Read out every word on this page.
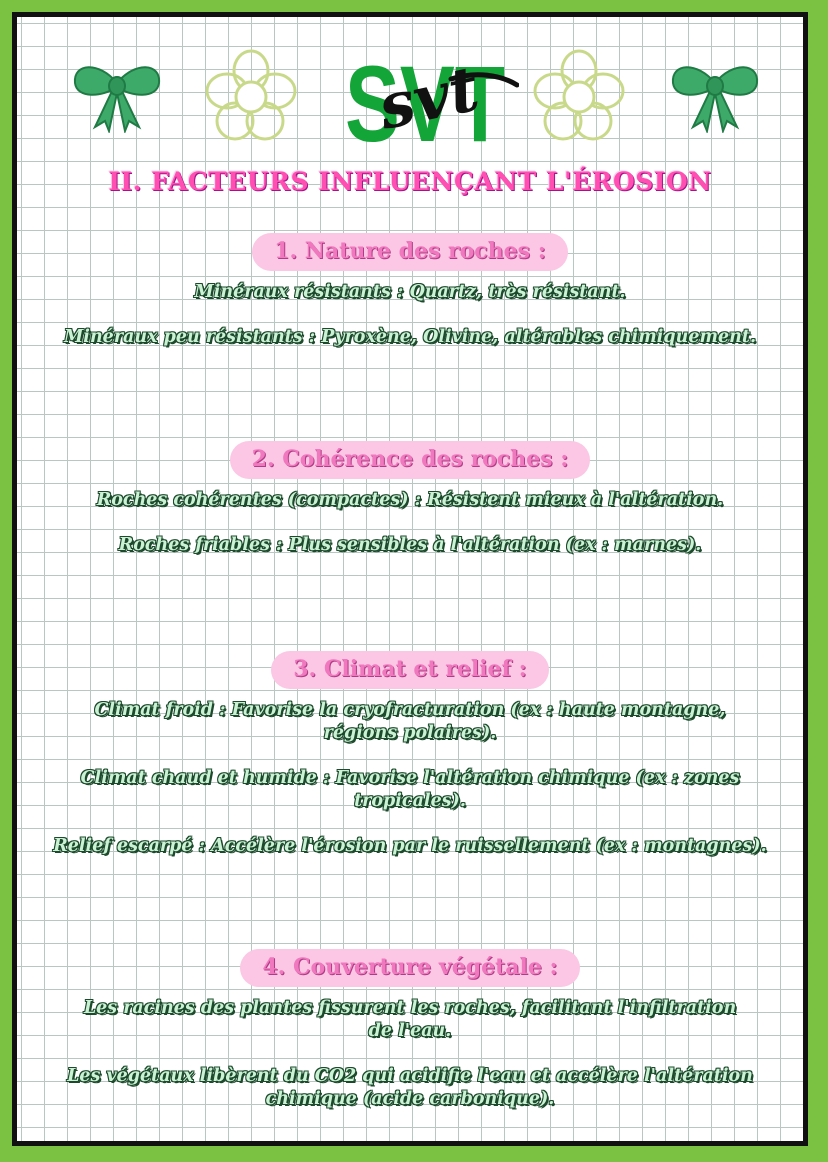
SVT
svt
II. FACTEURS INFLUENÇANT L'ÉROSION
1. Nature des roches :

Minéraux résistants : Quartz, très résistant.

Minéraux peu résistants : Pyroxène, Olivine, altérables chimiquement.

2. Cohérence des roches :

Roches cohérentes (compactes) : Résistent mieux à l'altération.

Roches friables : Plus sensibles à l'altération (ex : marnes).

3. Climat et relief :

Climat froid : Favorise la cryofracturation (ex : haute montagne, régions polaires).

Climat chaud et humide : Favorise l'altération chimique (ex : zones tropicales).

Relief escarpé : Accélère l'érosion par le ruissellement (ex : montagnes).

4. Couverture végétale :

Les racines des plantes fissurent les roches, facilitant l'infiltration de l'eau.

Les végétaux libèrent du CO2 qui acidifie l'eau et accélère l'altération chimique (acide carbonique).
